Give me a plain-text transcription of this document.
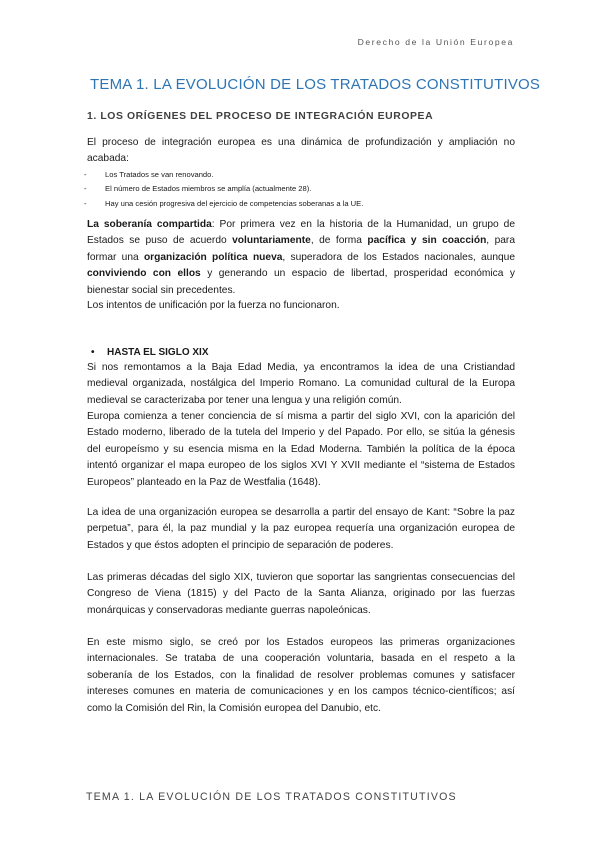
Derecho de la Unión Europea
TEMA 1. LA EVOLUCIÓN DE LOS TRATADOS CONSTITUTIVOS
1. LOS ORÍGENES DEL PROCESO DE INTEGRACIÓN EUROPEA
El proceso de integración europea es una dinámica de profundización y ampliación no acabada:
- Los Tratados se van renovando.
- El número de Estados miembros se amplía (actualmente 28).
- Hay una cesión progresiva del ejercicio de competencias soberanas a la UE.
La soberanía compartida: Por primera vez en la historia de la Humanidad, un grupo de Estados se puso de acuerdo voluntariamente, de forma pacífica y sin coacción, para formar una organización política nueva, superadora de los Estados nacionales, aunque conviviendo con ellos y generando un espacio de libertad, prosperidad económica y bienestar social sin precedentes.
Los intentos de unificación por la fuerza no funcionaron.
• HASTA EL SIGLO XIX
Si nos remontamos a la Baja Edad Media, ya encontramos la idea de una Cristiandad medieval organizada, nostálgica del Imperio Romano. La comunidad cultural de la Europa medieval se caracterizaba por tener una lengua y una religión común.
Europa comienza a tener conciencia de sí misma a partir del siglo XVI, con la aparición del Estado moderno, liberado de la tutela del Imperio y del Papado. Por ello, se sitúa la génesis del europeísmo y su esencia misma en la Edad Moderna. También la política de la época intentó organizar el mapa europeo de los siglos XVI Y XVII mediante el “sistema de Estados Europeos” planteado en la Paz de Westfalia (1648).
La idea de una organización europea se desarrolla a partir del ensayo de Kant: “Sobre la paz perpetua”, para él, la paz mundial y la paz europea requería una organización europea de Estados y que éstos adopten el principio de separación de poderes.
Las primeras décadas del siglo XIX, tuvieron que soportar las sangrientas consecuencias del Congreso de Viena (1815) y del Pacto de la Santa Alianza, originado por las fuerzas monárquicas y conservadoras mediante guerras napoleónicas.
En este mismo siglo, se creó por los Estados europeos las primeras organizaciones internacionales. Se trataba de una cooperación voluntaria, basada en el respeto a la soberanía de los Estados, con la finalidad de resolver problemas comunes y satisfacer intereses comunes en materia de comunicaciones y en los campos técnico-científicos; así como la Comisión del Rin, la Comisión europea del Danubio, etc.
TEMA 1. LA EVOLUCIÓN DE LOS TRATADOS CONSTITUTIVOS
